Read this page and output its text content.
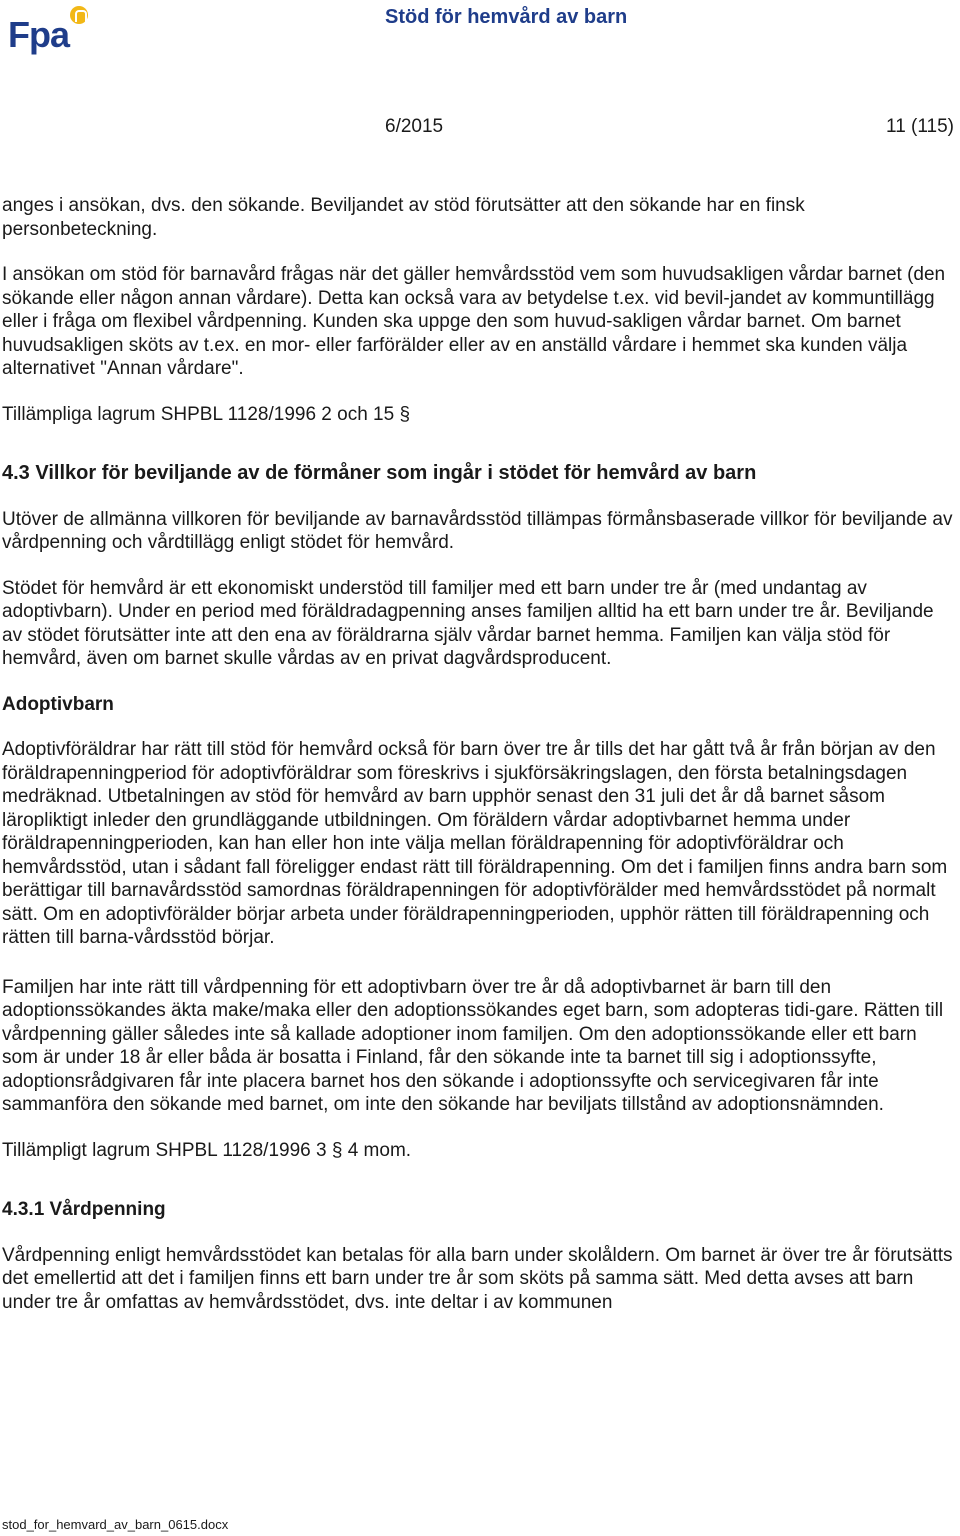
Fpa	Stöd för hemvård av barn
6/2015	11 (115)

anges i ansökan, dvs. den sökande. Beviljandet av stöd förutsätter att den sökande har en finsk personbeteckning.

I ansökan om stöd för barnavård frågas när det gäller hemvårdsstöd vem som huvudsakligen vårdar barnet (den sökande eller någon annan vårdare). Detta kan också vara av betydelse t.ex. vid bevil-jandet av kommuntillägg eller i fråga om flexibel vårdpenning. Kunden ska uppge den som huvud-sakligen vårdar barnet. Om barnet huvudsakligen sköts av t.ex. en mor- eller farförälder eller av en anställd vårdare i hemmet ska kunden välja alternativet "Annan vårdare".

Tillämpliga lagrum SHPBL 1128/1996 2 och 15 §

4.3 Villkor för beviljande av de förmåner som ingår i stödet för hemvård av barn

Utöver de allmänna villkoren för beviljande av barnavårdsstöd tillämpas förmånsbaserade villkor för beviljande av vårdpenning och vårdtillägg enligt stödet för hemvård.

Stödet för hemvård är ett ekonomiskt understöd till familjer med ett barn under tre år (med undantag av adoptivbarn). Under en period med föräldradagpenning anses familjen alltid ha ett barn under tre år. Beviljande av stödet förutsätter inte att den ena av föräldrarna själv vårdar barnet hemma. Familjen kan välja stöd för hemvård, även om barnet skulle vårdas av en privat dagvårdsproducent.

Adoptivbarn

Adoptivföräldrar har rätt till stöd för hemvård också för barn över tre år tills det har gått två år från början av den föräldrapenningperiod för adoptivföräldrar som föreskrivs i sjukförsäkringslagen, den första betalningsdagen medräknad. Utbetalningen av stöd för hemvård av barn upphör senast den 31 juli det år då barnet såsom läropliktigt inleder den grundläggande utbildningen. Om föräldern vårdar adoptivbarnet hemma under föräldrapenningperioden, kan han eller hon inte välja mellan föräldrapenning för adoptivföräldrar och hemvårdsstöd, utan i sådant fall föreligger endast rätt till föräldrapenning. Om det i familjen finns andra barn som berättigar till barnavårdsstöd samordnas föräldrapenningen för adoptivförälder med hemvårdsstödet på normalt sätt. Om en adoptivförälder börjar arbeta under föräldrapenningperioden, upphör rätten till föräldrapenning och rätten till barna-vårdsstöd börjar.

Familjen har inte rätt till vårdpenning för ett adoptivbarn över tre år då adoptivbarnet är barn till den adoptionssökandes äkta make/maka eller den adoptionssökandes eget barn, som adopteras tidi-gare. Rätten till vårdpenning gäller således inte så kallade adoptioner inom familjen. Om den adoptionssökande eller ett barn som är under 18 år eller båda är bosatta i Finland, får den sökande inte ta barnet till sig i adoptionssyfte, adoptionsrådgivaren får inte placera barnet hos den sökande i adoptionssyfte och servicegivaren får inte sammanföra den sökande med barnet, om inte den sökande har beviljats tillstånd av adoptionsnämnden.

Tillämpligt lagrum SHPBL 1128/1996 3 § 4 mom.

4.3.1 Vårdpenning

Vårdpenning enligt hemvårdsstödet kan betalas för alla barn under skolåldern. Om barnet är över tre år förutsätts det emellertid att det i familjen finns ett barn under tre år som sköts på samma sätt. Med detta avses att barn under tre år omfattas av hemvårdsstödet, dvs. inte deltar i av kommunen

stod_for_hemvard_av_barn_0615.docx
